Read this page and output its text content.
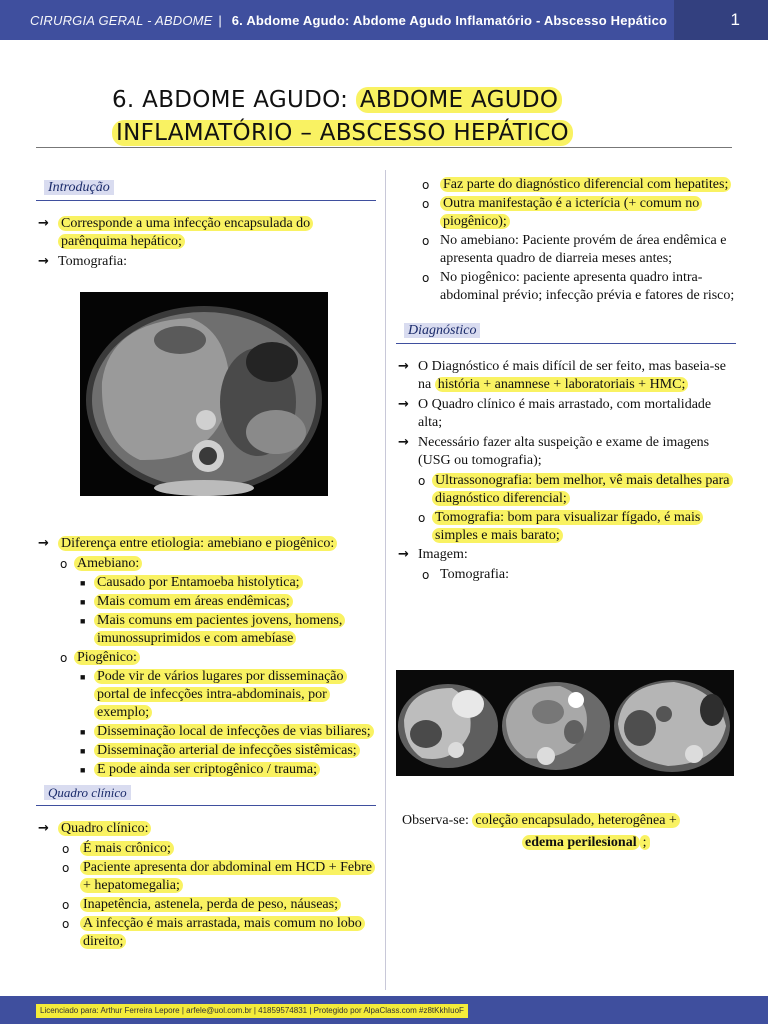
CIRURGIA GERAL - ABDOME | 6. Abdome Agudo: Abdome Agudo Inflamatório - Abscesso Hepático	1
6. ABDOME AGUDO: ABDOME AGUDO
INFLAMATÓRIO – ABSCESSO HEPÁTICO
Introdução
→ Corresponde a uma infecção encapsulada do parênquima hepático;
→ Tomografia:
→ Diferença entre etiologia: amebiano e piogênico:
o Amebiano:
■ Causado por Entamoeba histolytica;
■ Mais comum em áreas endêmicas;
■ Mais comuns em pacientes jovens, homens, imunossuprimidos e com amebíase
o Piogênico:
■ Pode vir de vários lugares por disseminação portal de infecções intra-abdominais, por exemplo;
■ Disseminação local de infecções de vias biliares;
■ Disseminação arterial de infecções sistêmicas;
■ E pode ainda ser criptogênico / trauma;
Quadro clínico
→ Quadro clínico:
o É mais crônico;
o Paciente apresenta dor abdominal em HCD + Febre + hepatomegalia;
o Inapetência, astenela, perda de peso, náuseas;
o A infecção é mais arrastada, mais comum no lobo direito;
o Faz parte do diagnóstico diferencial com hepatites;
o Outra manifestação é a icterícia (+ comum no piogênico);
o No amebiano: Paciente provém de área endêmica e apresenta quadro de diarreia meses antes;
o No piogênico: paciente apresenta quadro intra-abdominal prévio; infecção prévia e fatores de risco;
Diagnóstico
→ O Diagnóstico é mais difícil de ser feito, mas baseia-se na história + anamnese + laboratoriais + HMC;
→ O Quadro clínico é mais arrastado, com mortalidade alta;
→ Necessário fazer alta suspeição e exame de imagens (USG ou tomografia);
o Ultrassonografia: bem melhor, vê mais detalhes para diagnóstico diferencial;
o Tomografia: bom para visualizar fígado, é mais simples e mais barato;
→ Imagem:
o Tomografia:
Observa-se: coleção encapsulado, heterogênea +
edema perilesional ;
Licenciado para: Arthur Ferreira Lepore | arfele@uol.com.br | 41859574831 | Protegido por AlpaClass.com #z8tKkhIuoF
